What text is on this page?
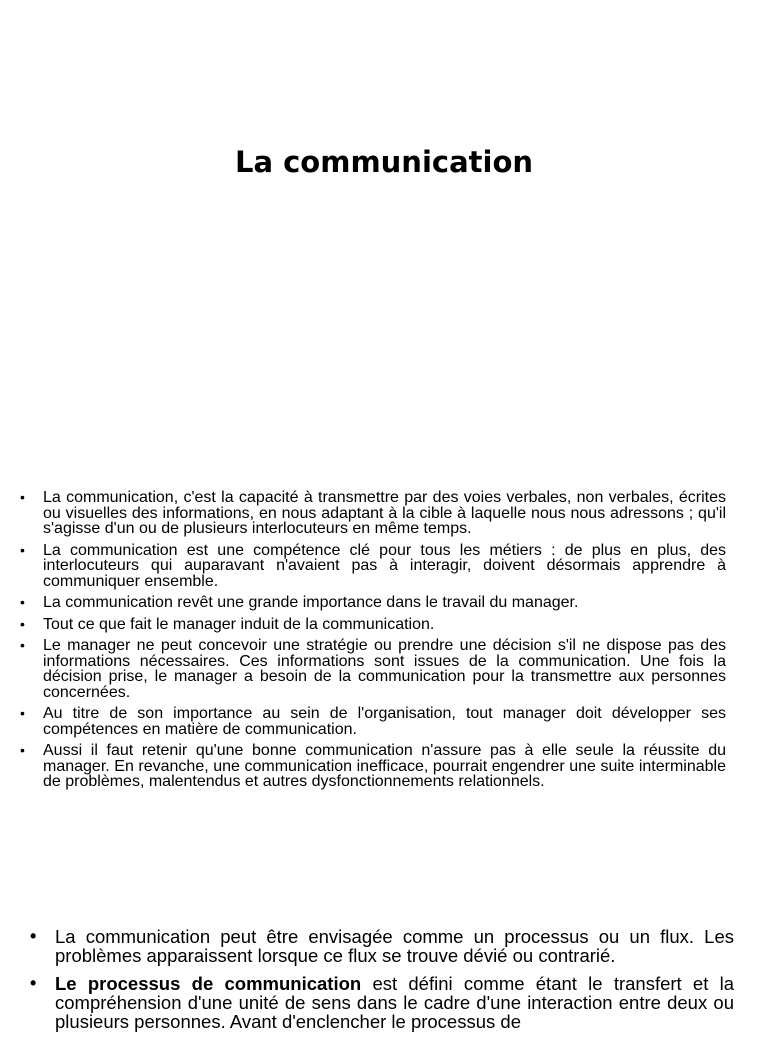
La communication
• La communication, c'est la capacité à transmettre par des voies verbales, non verbales, écrites ou visuelles des informations, en nous adaptant à la cible à laquelle nous nous adressons ; qu'il s'agisse d'un ou de plusieurs interlocuteurs en même temps.
• La communication est une compétence clé pour tous les métiers : de plus en plus, des interlocuteurs qui auparavant n'avaient pas à interagir, doivent désormais apprendre à communiquer ensemble.
• La communication revêt une grande importance dans le travail du manager.
• Tout ce que fait le manager induit de la communication.
• Le manager ne peut concevoir une stratégie ou prendre une décision s'il ne dispose pas des informations nécessaires. Ces informations sont issues de la communication. Une fois la décision prise, le manager a besoin de la communication pour la transmettre aux personnes concernées.
• Au titre de son importance au sein de l'organisation, tout manager doit développer ses compétences en matière de communication.
• Aussi il faut retenir qu'une bonne communication n'assure pas à elle seule la réussite du manager. En revanche, une communication inefficace, pourrait engendrer une suite interminable de problèmes, malentendus et autres dysfonctionnements relationnels.
• La communication peut être envisagée comme un processus ou un flux. Les problèmes apparaissent lorsque ce flux se trouve dévié ou contrarié.
• Le processus de communication est défini comme étant le transfert et la compréhension d'une unité de sens dans le cadre d'une interaction entre deux ou plusieurs personnes. Avant d'enclencher le processus de
